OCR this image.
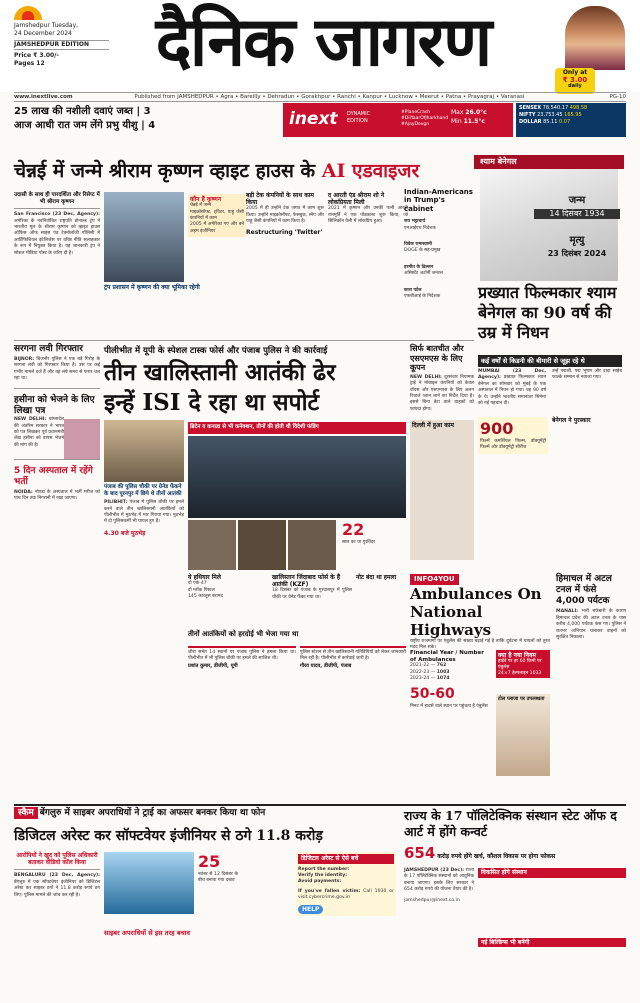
Jamshedpur Tuesday,
24 December 2024
JAMSHEDPUR EDITION
Price ₹ 3.00/-
Pages 12	दैनिक जागरण	Only at
₹ 3.00
daily
www.inextlive.com	Published from JAMSHEDPUR • Agra • Bareilly • Dehradun • Gorakhpur • Ranchi • Kanpur • Lucknow • Meerut • Patna • Prayagraj • Varanasi	PG-10
25 लाख की नशीली दवाएं जब्त | 3
आज आधी रात जम लेंगे प्रभु यीशु | 4	inext DYNAMIC
EDITION
#PlaneCrash
#DilYaarOfJharkhand
#AjayDevgn
Max 26.0°c
Min 11.5°c
SENSEX 78,540.17 498.58
NIFTY 23,753.45 165.95
DOLLAR 85.11 0.07
चेन्नई में जन्मे श्रीराम कृष्णन व्हाइट हाउस के AI एडवाइजर
उदासी के साथ ही पारदर्शिता और रिसेप्ट में भी श्रीराम कृष्णन
San Francisco (23 Dec, Agency): अमेरिका के नवनिर्वाचित राष्ट्रपति डोनाल्ड ट्रंप ने भारतीय मूल के श्रीराम कृष्णन को व्हाइट हाउस ऑफिस ऑफ साइंस एंड टेक्नोलॉजी पॉलिसी में आर्टिफिशियल इंटेलिजेंस पर वरिष्ठ नीति सलाहकार के रूप में नियुक्त किया है। यह जानकारी ट्रंप ने सोशल मीडिया पोस्ट के जरिए दी है।
कौन हैं कृष्णन
चेन्नई में जन्म
माइक्रोसॉफ्ट, ट्विटर, याहू जैसी कंपनियों में काम
2005 में अमेरिका गए और बने अहम इंजीनियर
ट्रंप प्रशासन में कृष्णन की क्या भूमिका रहेगी
बड़ी टेक कंपनियों के साथ काम किया
2005 में ही उन्होंने टेक जगत में काम शुरू किया। उन्होंने माइक्रोसॉफ्ट, फेसबुक, स्नैप और याहू जैसी कंपनियों में काम किया है।
Restructuring 'Twitter'
द आरती एंड श्रीराम शो ने लोकप्रियता मिली
2021 में कृष्णन और उनकी पत्नी आरती राममूर्ति ने एक पॉडकास्ट शुरू किया, जो सिलिकॉन वैली में लोकप्रिय हुआ।
Indian-Americans in Trump's cabinet
जय भट्टाचार्य
एनआईएच निदेशक
विवेक रामास्वामी
DOGE के सह-प्रमुख
हरमीत के ढिल्लन
असिस्टेंट अटॉर्नी जनरल
काश पटेल
एफबीआई के निदेशक
श्याम बेनेगल
जन्म
14 दिसंबर 1934
मृत्यु
23 दिसंबर 2024
प्रख्यात फिल्मकार श्याम बेनेगल का 90 वर्ष की उम्र में निधन
कई वर्षों से किडनी की बीमारी से जूझ रहे थे
MUMBAI (23 Dec, Agency): प्रख्यात फिल्मकार श्याम बेनेगल का सोमवार को मुंबई के एक अस्पताल में निधन हो गया। वह 90 वर्ष के थे। उन्होंने भारतीय समानांतर सिनेमा को नई पहचान दी।
उन्हें पद्मश्री, पद्म भूषण और दादा साहेब फाल्के सम्मान से नवाजा गया।
900
फिल्में कमर्शियल फिल्म, डॉक्यूमेंट्री फिल्में और डॉक्यूमेंट्री सीरीज
बेनेगल ने पुरस्कार
सरगना लवी गिरफ्तार
BIJNOR: बिजनौर पुलिस ने एक बड़े गिरोह के सरगना लवी को गिरफ्तार किया है। उस पर कई गंभीर मामले दर्ज हैं और वह लंबे समय से फरार चल रहा था।
हसीना को भेजने के लिए लिखा पत्र
NEW DELHI: बांग्लादेश की अंतरिम सरकार ने भारत को पत्र लिखकर पूर्व प्रधानमंत्री शेख हसीना को वापस भेजने की मांग की है।
5 दिन अस्पताल में रहेंगे भर्ती
NOIDA: नोएडा के अस्पताल में भर्ती मरीज को पांच दिन तक निगरानी में रखा जाएगा।
पीलीभीत में यूपी के स्पेशल टास्क फोर्स और पंजाब पुलिस ने की कार्रवाई
तीन खालिस्तानी आतंकी ढेर
इन्हें ISI दे रहा था सपोर्ट
पंजाब की पुलिस चौकी पर ग्रेनेड फेंकने के बाद पूरनपुर में छिपे थे तीनों आतंकी
PILIBHIT: पंजाब में पुलिस चौकी पर हमले करने वाले तीन खालिस्तानी आतंकियों को पीलीभीत में मुठभेड़ में मार गिराया गया। मुठभेड़ में दो पुलिसकर्मी भी घायल हुए हैं।
4.30 बजे मुठभेड़
ब्रिटेन व कनाडा से भी कनेक्शन, तीनों की होती थी विदेशी फंडिंग
22
साल का था गुरविंदर
ये हथियार मिले
दो एके-47
दो ग्लॉक पिस्टल
145 कारतूस बरामद
खालिस्तान जिंदाबाद फोर्स के हैं आतंकी (KZF)
18 दिसंबर को पंजाब के गुरदासपुर में पुलिस चौकी पर ग्रेनेड फेंका गया था।
नोट बंदा था हमला
तीनों आतंकियों को हरदोई भी भेजा गया था
जीरा समेत 14 स्थानों पर पंजाब पुलिस ने हमला किया था। पीलीभीत में भी पुलिस चौकी पर हमले की साजिश थी।
प्रशांत कुमार, डीजीपी, यूपी
पुलिस स्टेशन से तीन खालिस्तानी गतिविधियों को लेकर जानकारी मिल रही है। पीलीभीत में कार्रवाई जारी है।
गौरव यादव, डीजीपी, पंजाब
सिर्फ बातचीत और एसएमएस के लिए कूपन
NEW DELHI: दूरसंचार नियामक ट्राई ने मोबाइल कंपनियों को केवल वॉयस और एसएमएस के लिए अलग रिचार्ज प्लान लाने का निर्देश दिया है। इससे बिना डेटा वाले ग्राहकों को फायदा होगा।
दिल्ली में हुआ काम
INFO4YOU
Ambulances On National Highways
राष्ट्रीय राजमार्गों पर एंबुलेंस की संख्या बढ़ाई गई है ताकि दुर्घटना में घायलों को तुरंत मदद मिल सके।
Financial Year / Number of Ambulances
2021-22 — 762
2022-23 — 1003
2023-24 — 1074
50-60
मिनट में हादसे वाले स्थान पर पहुंचता है एंबुलेंस
क्या है नया नियम
हाईवे पर हर 60 किमी पर एंबुलेंस
24×7 हेल्पलाइन 1033
टोल प्लाजा पर उपलब्धता
हिमाचल में अटल टनल में फंसे 4,000 पर्यटक
MANALI: भारी बर्फबारी के कारण हिमाचल प्रदेश की अटल टनल के पास करीब 4,000 पर्यटक फंस गए। पुलिस ने रातभर अभियान चलाकर वाहनों को सुरक्षित निकाला।
स्कैम बेंगलुरु में साइबर अपराधियों ने ट्राई का अफसर बनकर किया था फोन
डिजिटल अरेस्ट कर सॉफ्टवेयर इंजीनियर से ठगे 11.8 करोड़
आरोपियों ने खुद को पुलिस अधिकारी बताकर वीडियो कॉल किया
BENGALURU (23 Dec, Agency): बेंगलुरु में एक सॉफ्टवेयर इंजीनियर को डिजिटल अरेस्ट कर साइबर ठगों ने 11.8 करोड़ रुपये ठग लिए। पुलिस मामले की जांच कर रही है।
25
नवंबर से 12 दिसंबर के बीच बनाया गया दबाव
साइबर अपराधियों से इस तरह बचाव
डिजिटल अरेस्ट से ऐसे बचें
Report the number:
Verify the identity:
Avoid payments:
If you've fallen victim: Call 1930 or visit cybercrime.gov.in
HELP
राज्य के 17 पॉलिटेक्निक संस्थान स्टेट ऑफ द आर्ट में होंगे कन्वर्ट
654 करोड़ रुपये होंगे खर्च, कौशल विकास पर होगा फोकस
JAMSHEDPUR (23 Dec): राज्य के 17 पॉलिटेक्निक संस्थानों को आधुनिक बनाया जाएगा। इसके लिए सरकार ने 654 करोड़ रुपये की योजना तैयार की है।
jamshedpur@inext.co.in
विकसित होंगे संस्थान
नई बिल्डिंग्स भी बनेंगी
